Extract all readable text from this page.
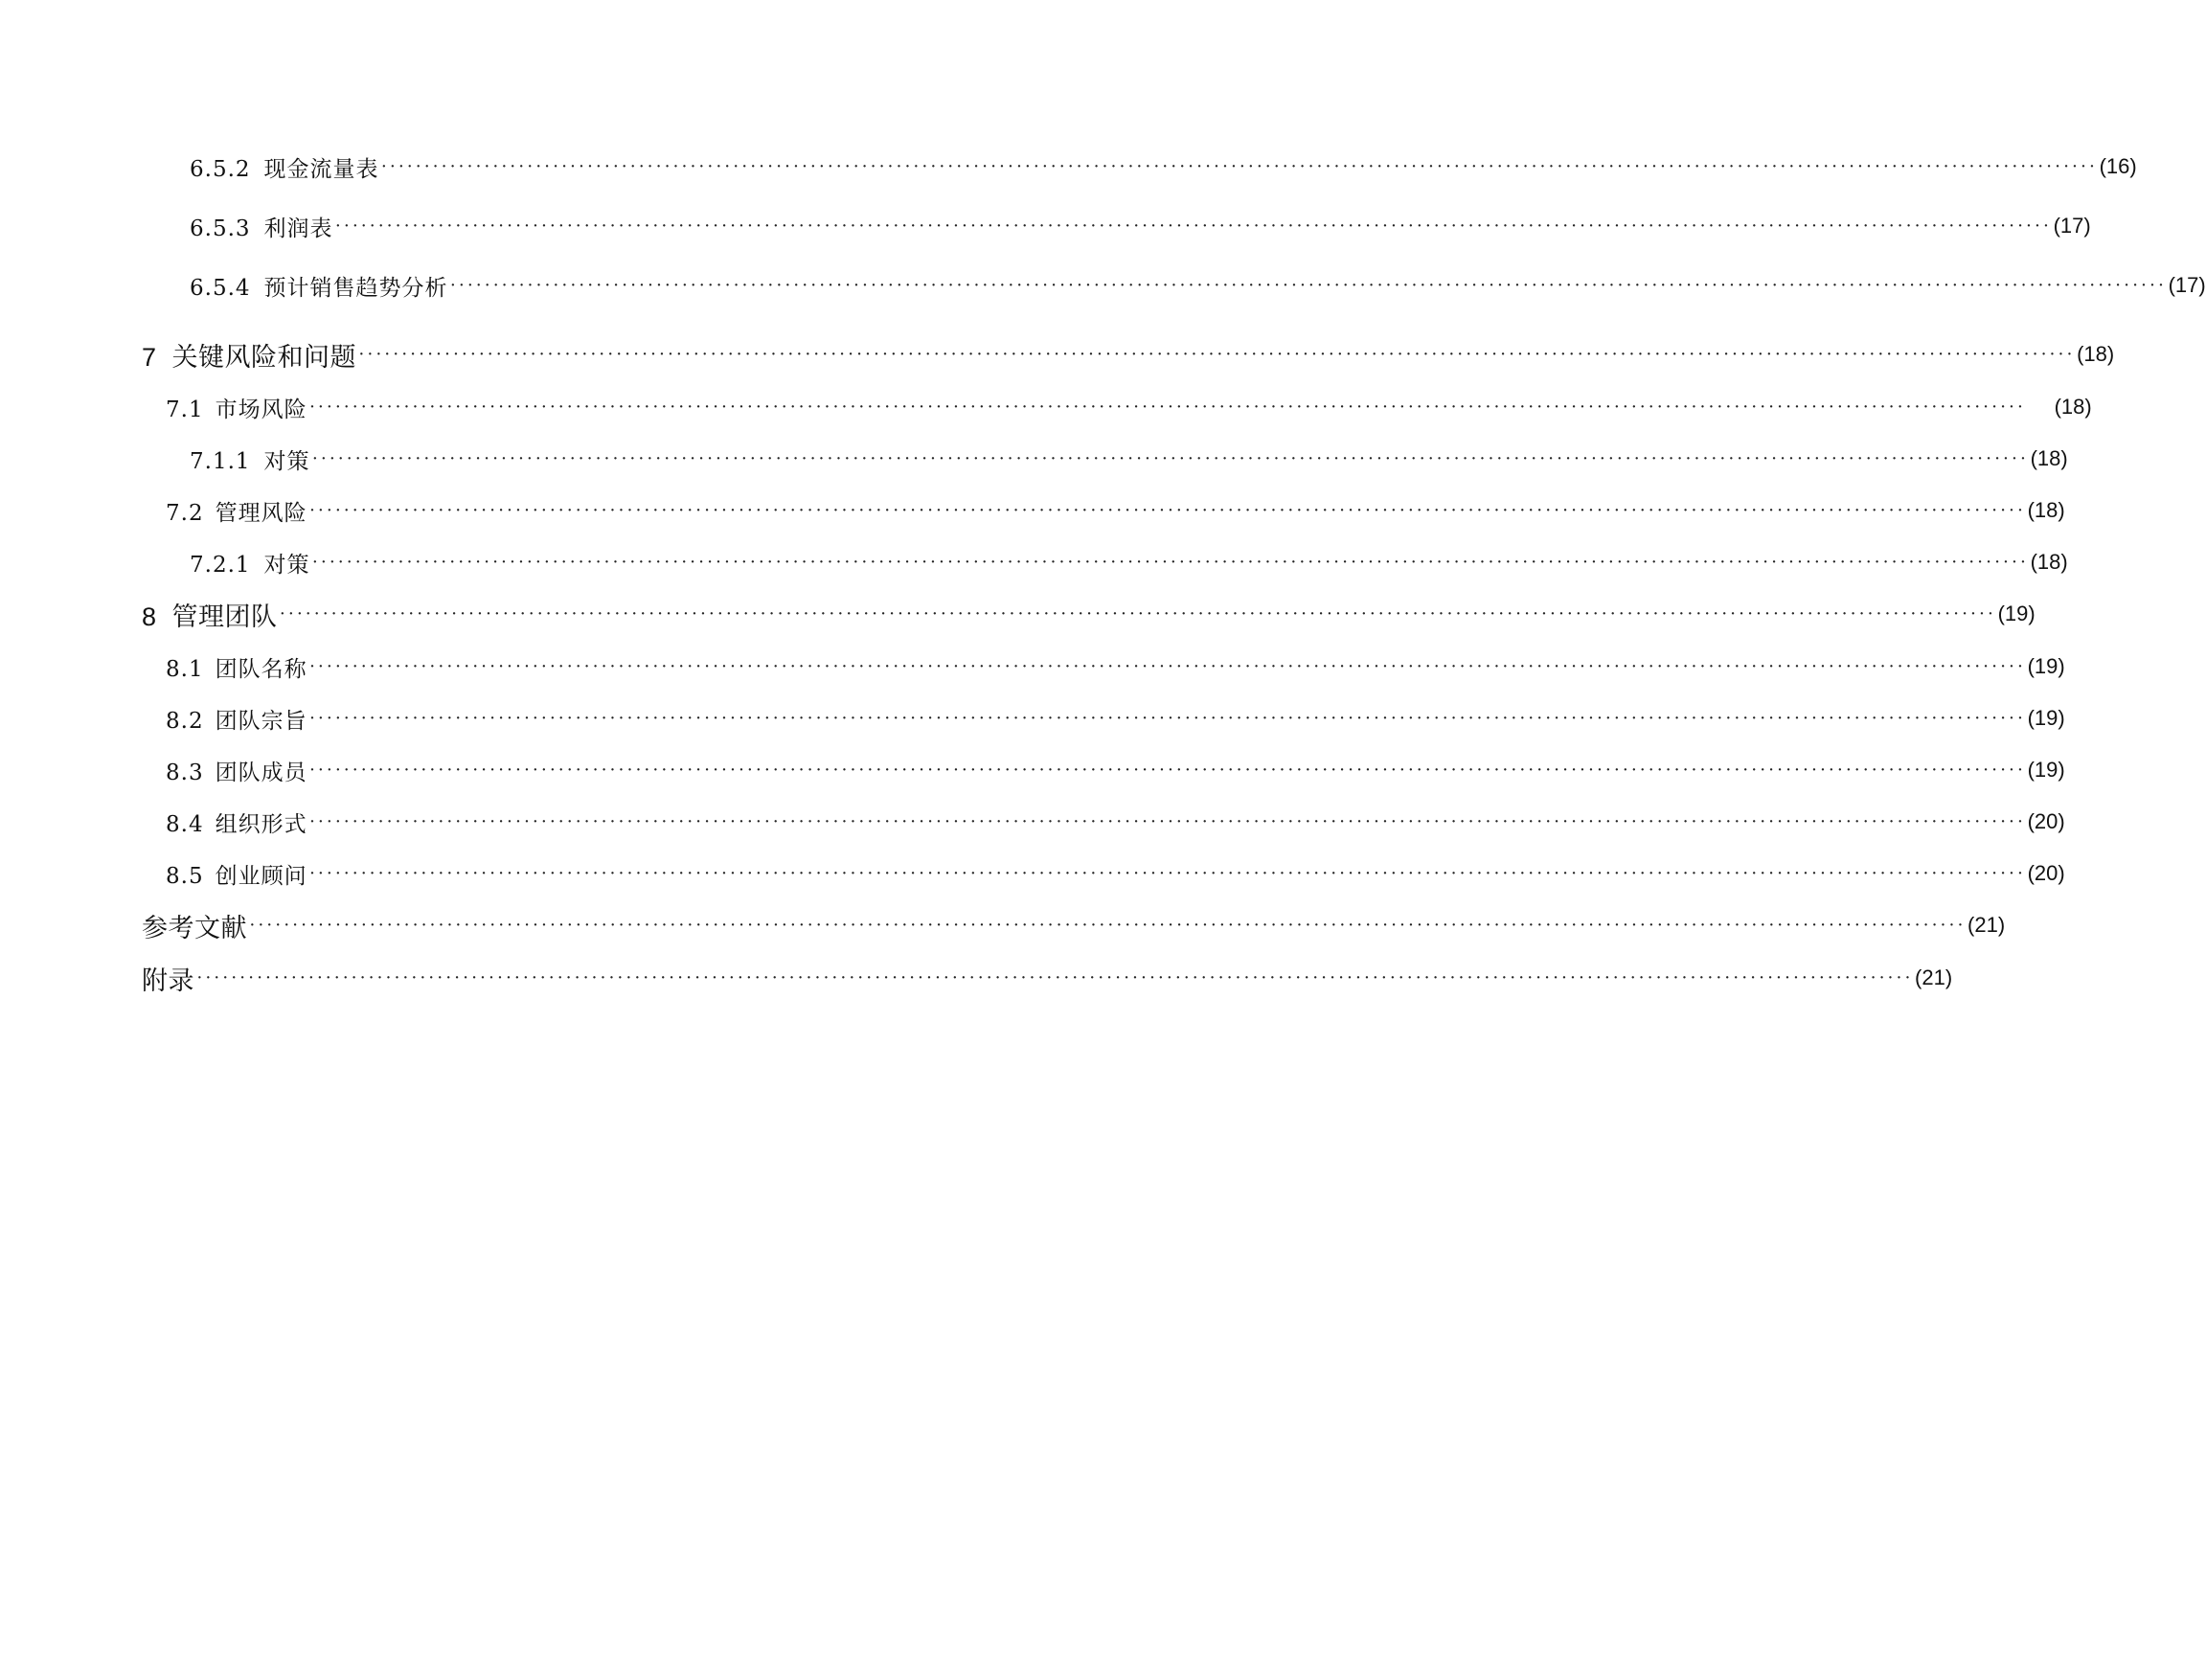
6.5.2 现金流量表 ········································································································································································································ (16)
6.5.3 利润表 ········································································································································································································ (17)
6.5.4 预计销售趋势分析 ········································································································································································································ (17)
7 关键风险和问题 ········································································································································································································ (18)
7.1 市场风险 ········································································································································································································ (18)
7.1.1 对策 ········································································································································································································ (18)
7.2 管理风险 ········································································································································································································ (18)
7.2.1 对策 ········································································································································································································ (18)
8 管理团队 ········································································································································································································ (19)
8.1 团队名称 ········································································································································································································ (19)
8.2 团队宗旨 ········································································································································································································ (19)
8.3 团队成员 ········································································································································································································ (19)
8.4 组织形式 ········································································································································································································ (20)
8.5 创业顾问 ········································································································································································································ (20)
参考文献 ········································································································································································································ (21)
附录 ········································································································································································································ (21)
